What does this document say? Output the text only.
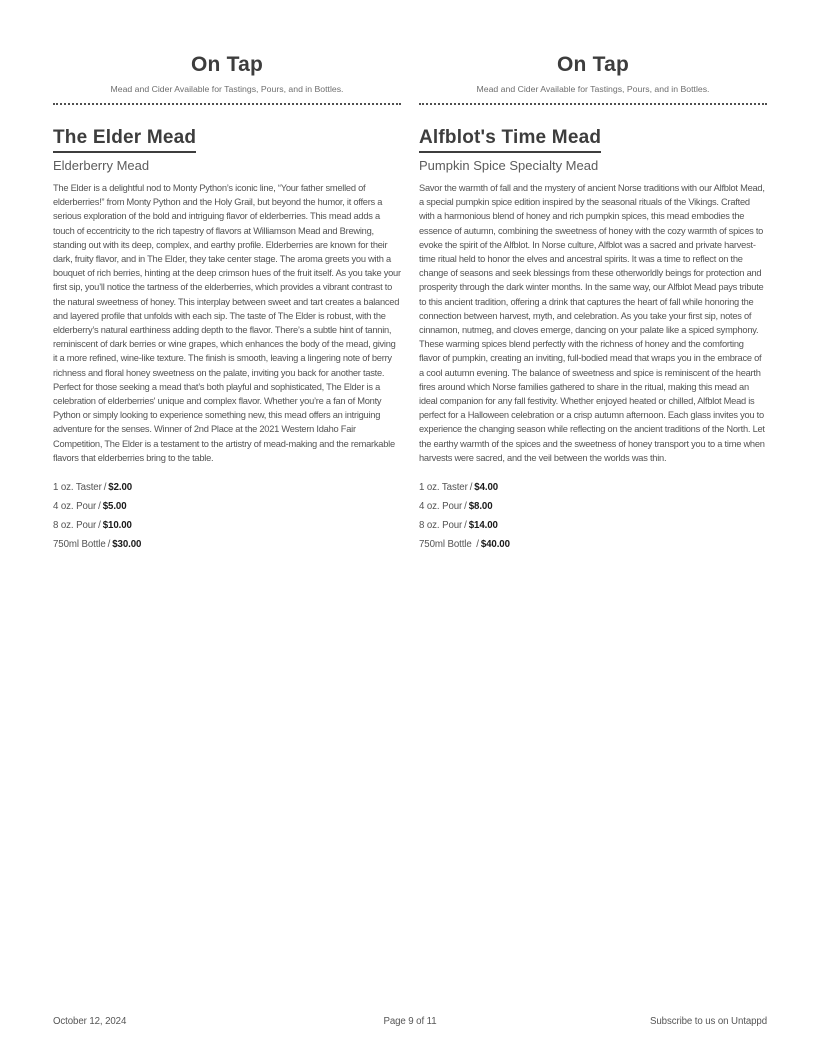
On Tap
Mead and Cider Available for Tastings, Pours, and in Bottles.
The Elder Mead
Elderberry Mead
The Elder is a delightful nod to Monty Python’s iconic line, “Your father smelled of elderberries!” from Monty Python and the Holy Grail, but beyond the humor, it offers a serious exploration of the bold and intriguing flavor of elderberries. This mead adds a touch of eccentricity to the rich tapestry of flavors at Williamson Mead and Brewing, standing out with its deep, complex, and earthy profile. Elderberries are known for their dark, fruity flavor, and in The Elder, they take center stage. The aroma greets you with a bouquet of rich berries, hinting at the deep crimson hues of the fruit itself. As you take your first sip, you’ll notice the tartness of the elderberries, which provides a vibrant contrast to the natural sweetness of honey. This interplay between sweet and tart creates a balanced and layered profile that unfolds with each sip. The taste of The Elder is robust, with the elderberry’s natural earthiness adding depth to the flavor. There’s a subtle hint of tannin, reminiscent of dark berries or wine grapes, which enhances the body of the mead, giving it a more refined, wine-like texture. The finish is smooth, leaving a lingering note of berry richness and floral honey sweetness on the palate, inviting you back for another taste. Perfect for those seeking a mead that’s both playful and sophisticated, The Elder is a celebration of elderberries' unique and complex flavor. Whether you’re a fan of Monty Python or simply looking to experience something new, this mead offers an intriguing adventure for the senses. Winner of 2nd Place at the 2021 Western Idaho Fair Competition, The Elder is a testament to the artistry of mead-making and the remarkable flavors that elderberries bring to the table.
1 oz. Taster / $2.00
4 oz. Pour / $5.00
8 oz. Pour / $10.00
750ml Bottle / $30.00
On Tap
Mead and Cider Available for Tastings, Pours, and in Bottles.
Alfblot's Time Mead
Pumpkin Spice Specialty Mead
Savor the warmth of fall and the mystery of ancient Norse traditions with our Alfblot Mead, a special pumpkin spice edition inspired by the seasonal rituals of the Vikings. Crafted with a harmonious blend of honey and rich pumpkin spices, this mead embodies the essence of autumn, combining the sweetness of honey with the cozy warmth of spices to evoke the spirit of the Alfblot. In Norse culture, Alfblot was a sacred and private harvest-time ritual held to honor the elves and ancestral spirits. It was a time to reflect on the change of seasons and seek blessings from these otherworldly beings for protection and prosperity through the dark winter months. In the same way, our Alfblot Mead pays tribute to this ancient tradition, offering a drink that captures the heart of fall while honoring the connection between harvest, myth, and celebration. As you take your first sip, notes of cinnamon, nutmeg, and cloves emerge, dancing on your palate like a spiced symphony. These warming spices blend perfectly with the richness of honey and the comforting flavor of pumpkin, creating an inviting, full-bodied mead that wraps you in the embrace of a cool autumn evening. The balance of sweetness and spice is reminiscent of the hearth fires around which Norse families gathered to share in the ritual, making this mead an ideal companion for any fall festivity. Whether enjoyed heated or chilled, Alfblot Mead is perfect for a Halloween celebration or a crisp autumn afternoon. Each glass invites you to experience the changing season while reflecting on the ancient traditions of the North. Let the earthy warmth of the spices and the sweetness of honey transport you to a time when harvests were sacred, and the veil between the worlds was thin.
1 oz. Taster / $4.00
4 oz. Pour / $8.00
8 oz. Pour / $14.00
750ml Bottle / $40.00
October 12, 2024	Page 9 of 11	Subscribe to us on Untappd
